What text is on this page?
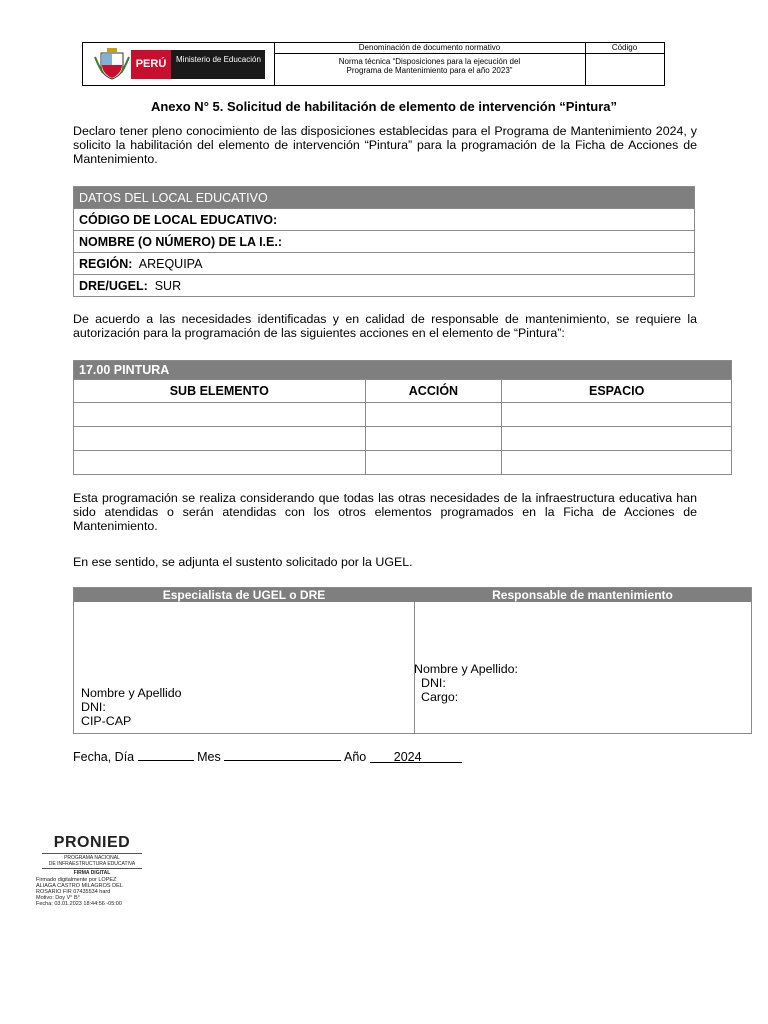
PERÚ	Ministerio de Educación
Denominación de documento normativo
Norma técnica “Disposiciones para la ejecución del
Programa de Mantenimiento para el año 2023”
Código
Anexo N° 5. Solicitud de habilitación de elemento de intervención “Pintura”
Declaro tener pleno conocimiento de las disposiciones establecidas para el Programa de Mantenimiento 2024, y solicito la habilitación del elemento de intervención “Pintura” para la programación de la Ficha de Acciones de Mantenimiento.
DATOS DEL LOCAL EDUCATIVO
CÓDIGO DE LOCAL EDUCATIVO:
NOMBRE (O NÚMERO) DE LA I.E.:
REGIÓN: AREQUIPA
DRE/UGEL: SUR
De acuerdo a las necesidades identificadas y en calidad de responsable de mantenimiento, se requiere la autorización para la programación de las siguientes acciones en el elemento de “Pintura”:
17.00 PINTURA		
SUB ELEMENTO	ACCIÓN	ESPACIO

Esta programación se realiza considerando que todas las otras necesidades de la infraestructura educativa han sido atendidas o serán atendidas con los otros elementos programados en la Ficha de Acciones de Mantenimiento.
En ese sentido, se adjunta el sustento solicitado por la UGEL.
Especialista de UGEL o DRE	Responsable de mantenimiento
Nombre y Apellido
DNI:
CIP-CAP
Nombre y Apellido:
DNI:
Cargo:
Fecha, Día	Mes	Año 2024
PRONIED
PROGRAMA NACIONAL
DE INFRAESTRUCTURA EDUCATIVA
FIRMA DIGITAL
Firmado digitalmente por LOPEZ
ALIAGA CASTRO MILAGROS DEL
ROSARIO FIR 07435534 hard
Motivo: Doy V° B°
Fecha: 03.01.2023 18:44:56 -05:00
